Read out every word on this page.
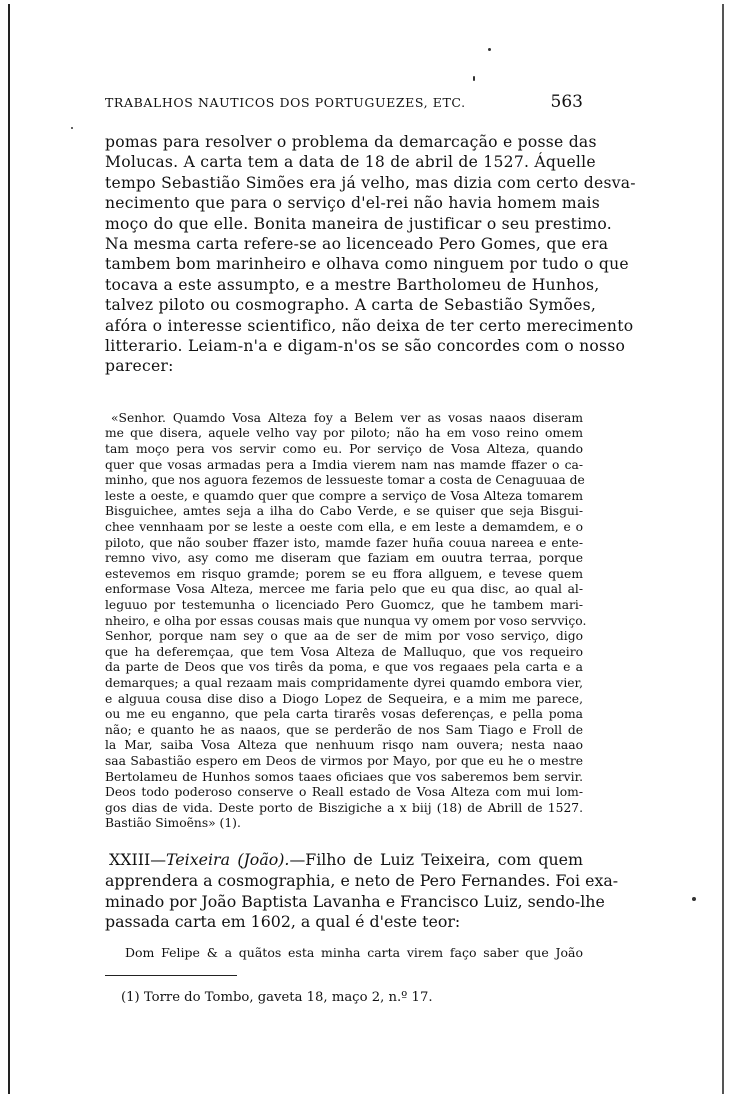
TRABALHOS NAUTICOS DOS PORTUGUEZES, ETC.	563
pomas para resolver o problema da demarcação e posse das
Molucas. A carta tem a data de 18 de abril de 1527. Áquelle
tempo Sebastião Simões era já velho, mas dizia com certo desva-
necimento que para o serviço d'el-rei não havia homem mais
moço do que elle. Bonita maneira de justificar o seu prestimo.
Na mesma carta refere-se ao licenceado Pero Gomes, que era
tambem bom marinheiro e olhava como ninguem por tudo o que
tocava a este assumpto, e a mestre Bartholomeu de Hunhos,
talvez piloto ou cosmographo. A carta de Sebastião Symões,
afóra o interesse scientifico, não deixa de ter certo merecimento
litterario. Leiam-n'a e digam-n'os se são concordes com o nosso
parecer:
«Senhor. Quamdo Vosa Alteza foy a Belem ver as vosas naaos diseram
me que disera, aquele velho vay por piloto; não ha em voso reino omem
tam moço pera vos servir como eu. Por serviço de Vosa Alteza, quando
quer que vosas armadas pera a Imdia vierem nam nas mamde ffazer o ca-
minho, que nos aguora fezemos de lessueste tomar a costa de Cenaguuaa de
leste a oeste, e quamdo quer que compre a serviço de Vosa Alteza tomarem
Bisguichee, amtes seja a ilha do Cabo Verde, e se quiser que seja Bisgui-
chee vennhaam por se leste a oeste com ella, e em leste a demamdem, e o
piloto, que não souber ffazer isto, mamde fazer huña couua nareea e ente-
remno vivo, asy como me diseram que faziam em ouutra terraa, porque
estevemos em risquo gramde; porem se eu ffora allguem, e tevese quem
enformase Vosa Alteza, mercee me faria pelo que eu qua disc, ao qual al-
leguuo por testemunha o licenciado Pero Guomcz, que he tambem mari-
nheiro, e olha por essas cousas mais que nunqua vy omem por voso servviço.
Senhor, porque nam sey o que aa de ser de mim por voso serviço, digo
que ha deferemçaa, que tem Vosa Alteza de Malluquo, que vos requeiro
da parte de Deos que vos tirês da poma, e que vos regaaes pela carta e a
demarques; a qual rezaam mais compridamente dyrei quamdo embora vier,
e alguua cousa dise diso a Diogo Lopez de Sequeira, e a mim me parece,
ou me eu enganno, que pela carta tirarês vosas deferenças, e pella poma
não; e quanto he as naaos, que se perderão de nos Sam Tiago e Froll de
la Mar, saiba Vosa Alteza que nenhuum risqo nam ouvera; nesta naao
saa Sabastião espero em Deos de virmos por Mayo, por que eu he o mestre
Bertolameu de Hunhos somos taaes oficiaes que vos saberemos bem servir.
Deos todo poderoso conserve o Reall estado de Vosa Alteza com mui lom-
gos dias de vida. Deste porto de Biszigiche a x biij (18) de Abrill de 1527.
Bastião Simoẽns» (1).
XXIII—Teixeira (João).—Filho de Luiz Teixeira, com quem
apprendera a cosmographia, e neto de Pero Fernandes. Foi exa-
minado por João Baptista Lavanha e Francisco Luiz, sendo-lhe
passada carta em 1602, a qual é d'este teor:
Dom Felipe & a quãtos esta minha carta virem faço saber que João
(1) Torre do Tombo, gaveta 18, maço 2, n.º 17.
